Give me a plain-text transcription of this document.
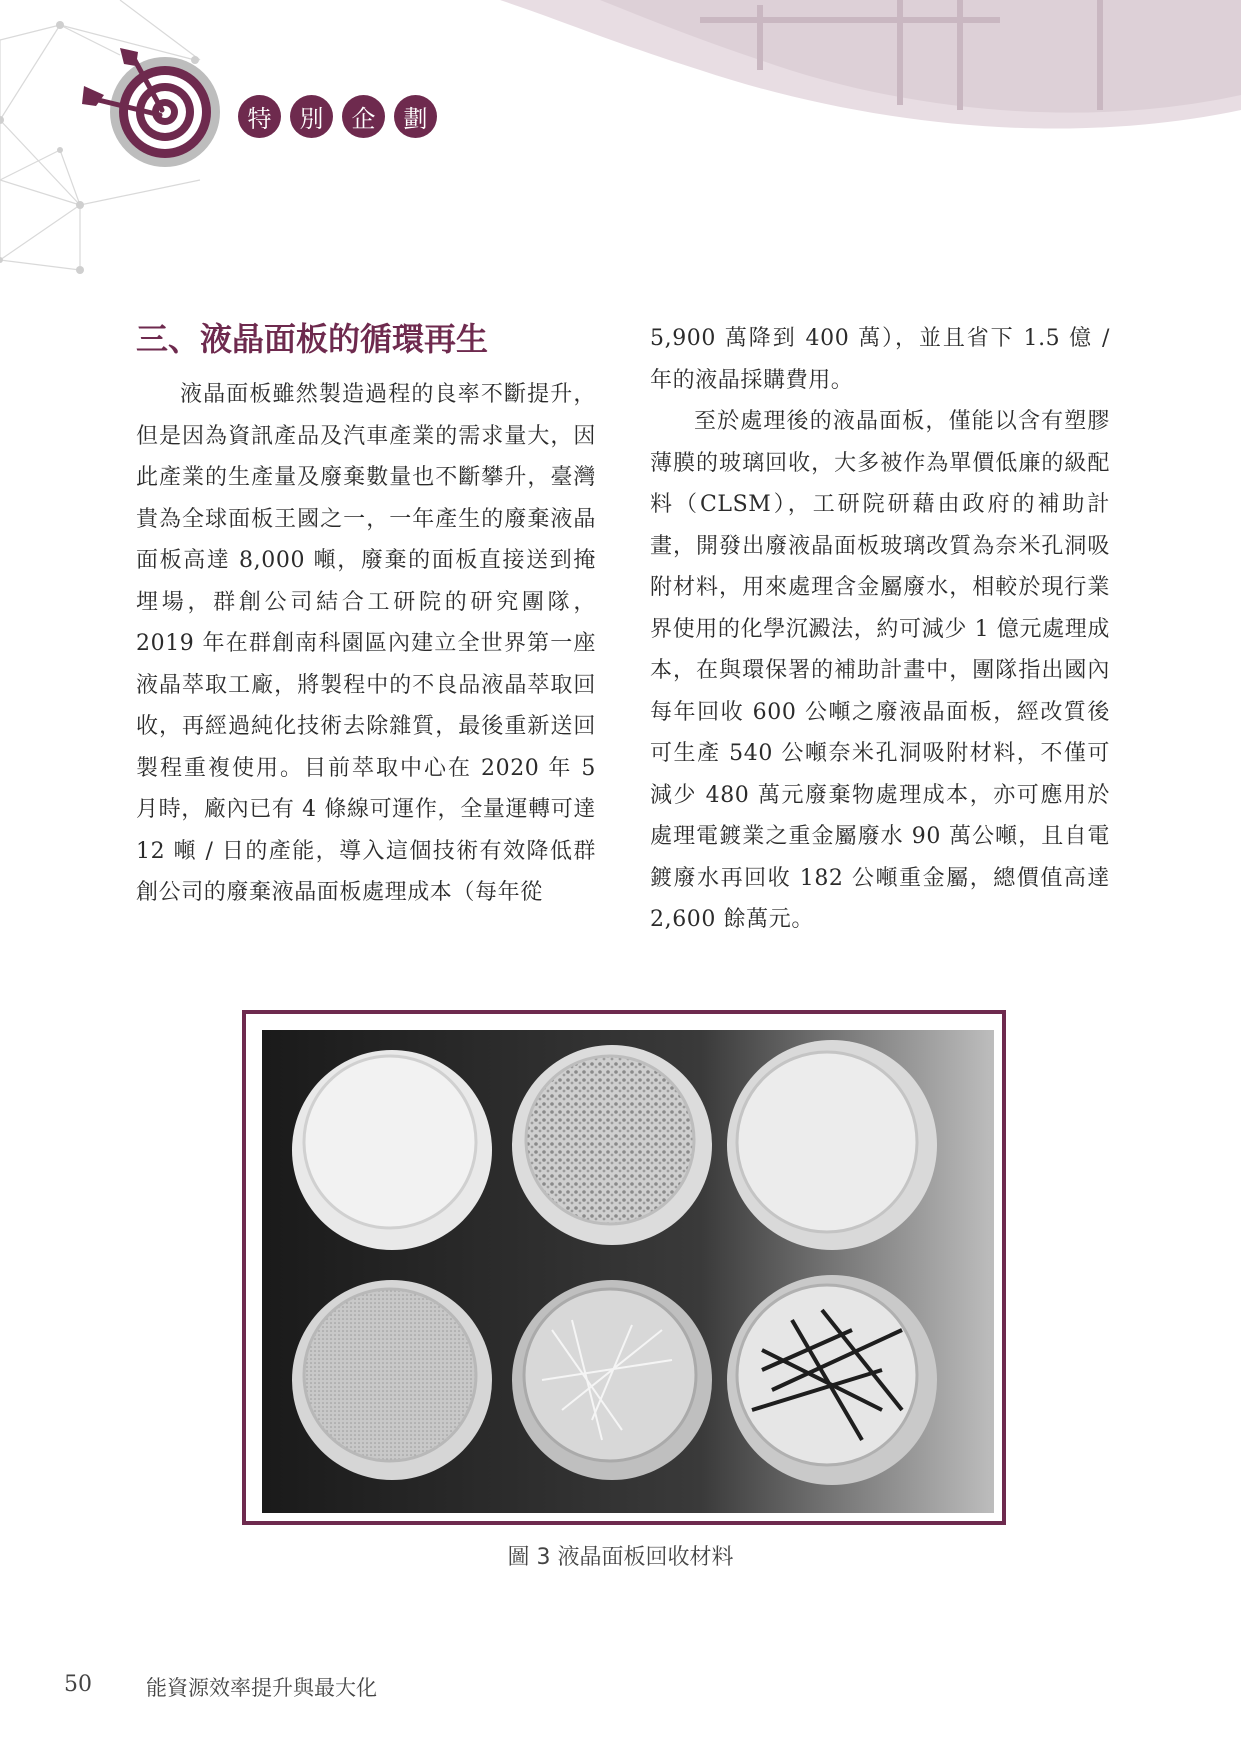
特	別	企	劃
三、液晶面板的循環再生

液晶面板雖然製造過程的良率不斷提升，但是因為資訊產品及汽車產業的需求量大，因此產業的生產量及廢棄數量也不斷攀升，臺灣貴為全球面板王國之一，一年產生的廢棄液晶面板高達 8,000 噸，廢棄的面板直接送到掩埋場，群創公司結合工研院的研究團隊，2019 年在群創南科園區內建立全世界第一座液晶萃取工廠，將製程中的不良品液晶萃取回收，再經過純化技術去除雜質，最後重新送回製程重複使用。目前萃取中心在 2020 年 5 月時，廠內已有 4 條線可運作，全量運轉可達 12 噸 / 日的產能，導入這個技術有效降低群創公司的廢棄液晶面板處理成本（每年從

5,900 萬降到 400 萬），並且省下 1.5 億 / 年的液晶採購費用。

至於處理後的液晶面板，僅能以含有塑膠薄膜的玻璃回收，大多被作為單價低廉的級配料（CLSM），工研院研藉由政府的補助計畫，開發出廢液晶面板玻璃改質為奈米孔洞吸附材料，用來處理含金屬廢水，相較於現行業界使用的化學沉澱法，約可減少 1 億元處理成本，在與環保署的補助計畫中，團隊指出國內每年回收 600 公噸之廢液晶面板，經改質後可生產 540 公噸奈米孔洞吸附材料，不僅可減少 480 萬元廢棄物處理成本，亦可應用於處理電鍍業之重金屬廢水 90 萬公噸，且自電鍍廢水再回收 182 公噸重金屬，總價值高達 2,600 餘萬元。

圖 3 液晶面板回收材料
50	能資源效率提升與最大化
